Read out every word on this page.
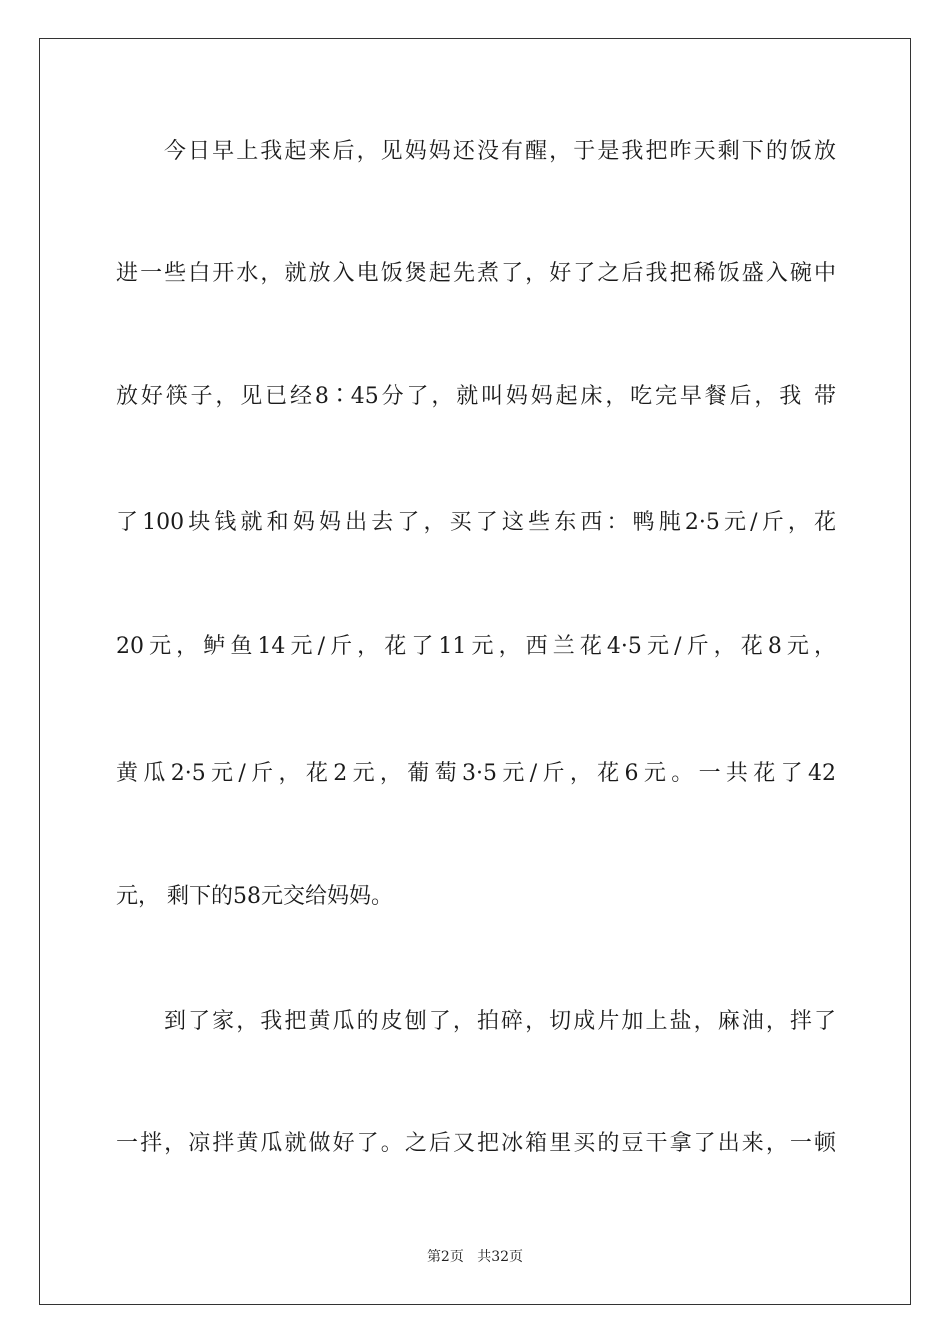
今日早上我起来后，见妈妈还没有醒，于是我把昨天剩下的饭放
进一些白开水，就放入电饭煲起先煮了，好了之后我把稀饭盛入碗中
放好筷子，见已经8∶45分了，就叫妈妈起床，吃完早餐后，我 带
了100块钱就和妈妈出去了，买了这些东西：鸭肫2·5元/斤，花
20元，鲈鱼14元/斤，花了11元，西兰花4·5元/斤，花8元，
黄瓜2·5元/斤，花2元，葡萄3·5元/斤，花6元。一共花了42
元， 剩下的58元交给妈妈。
到了家，我把黄瓜的皮刨了，拍碎，切成片加上盐，麻油，拌了
一拌，凉拌黄瓜就做好了。之后又把冰箱里买的豆干拿了出来，一顿
第2页 共32页
